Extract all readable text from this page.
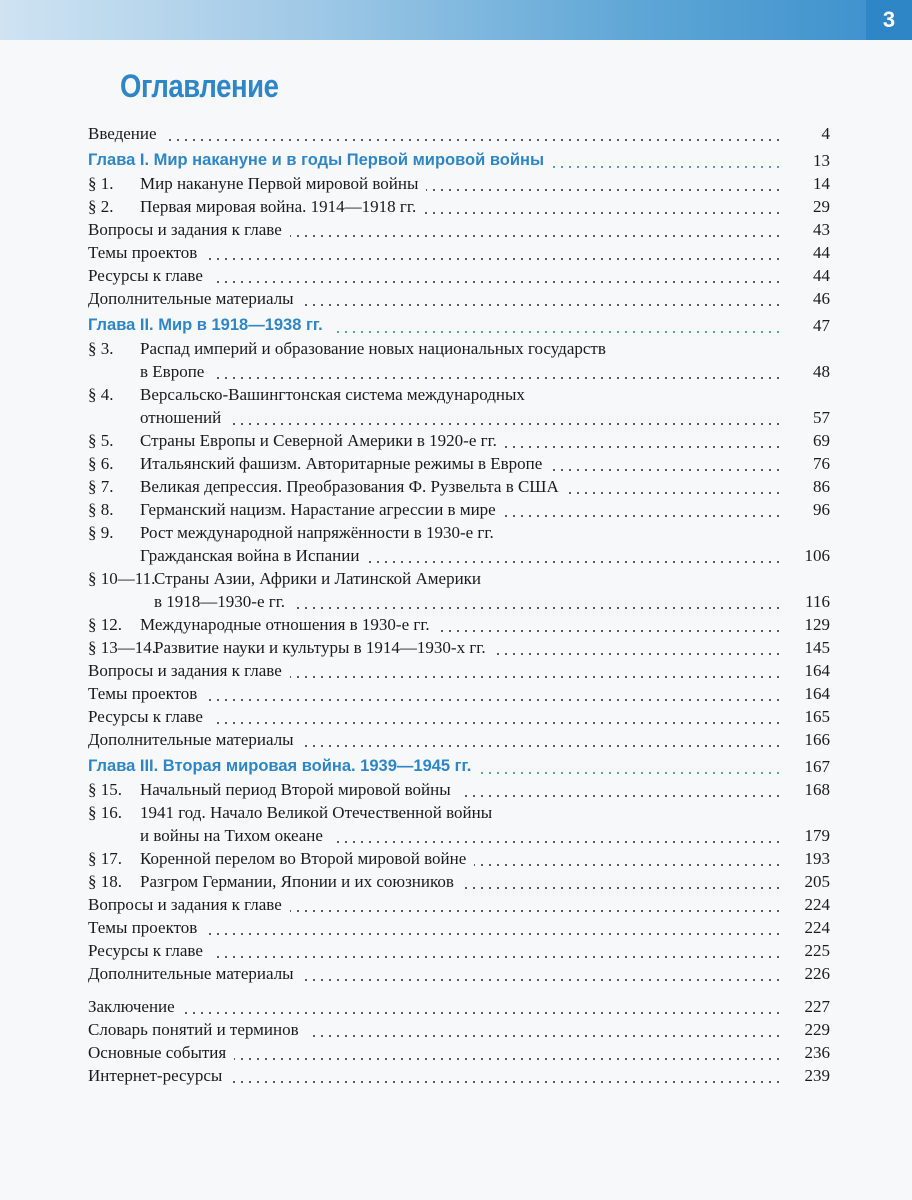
3
Оглавление
Введение	4
Глава I. Мир накануне и в годы Первой мировой войны	13
§ 1. Мир накануне Первой мировой войны	14
§ 2. Первая мировая война. 1914—1918 гг.	29
Вопросы и задания к главе	43
Темы проектов	44
Ресурсы к главе	44
Дополнительные материалы	46
Глава II. Мир в 1918—1938 гг.	47
§ 3. Распад империй и образование новых национальных государств
в Европе	48
§ 4. Версальско-Вашингтонская система международных
отношений	57
§ 5. Страны Европы и Северной Америки в 1920-е гг.	69
§ 6. Итальянский фашизм. Авторитарные режимы в Европе	76
§ 7. Великая депрессия. Преобразования Ф. Рузвельта в США	86
§ 8. Германский нацизм. Нарастание агрессии в мире	96
§ 9. Рост международной напряжённости в 1930-е гг.
Гражданская война в Испании	106
§ 10—11.
Страны Азии, Африки и Латинской Америки
в 1918—1930-е гг.	116
§ 12. Международные отношения в 1930-е гг.	129
§ 13—14.
Развитие науки и культуры в 1914—1930-х гг.	145
Вопросы и задания к главе	164
Темы проектов	164
Ресурсы к главе	165
Дополнительные материалы	166
Глава III. Вторая мировая война. 1939—1945 гг.	167
§ 15. Начальный период Второй мировой войны	168
§ 16. 1941 год. Начало Великой Отечественной войны
и войны на Тихом океане	179
§ 17. Коренной перелом во Второй мировой войне	193
§ 18. Разгром Германии, Японии и их союзников	205
Вопросы и задания к главе	224
Темы проектов	224
Ресурсы к главе	225
Дополнительные материалы	226
Заключение	227
Словарь понятий и терминов	229
Основные события	236
Интернет-ресурсы	239
